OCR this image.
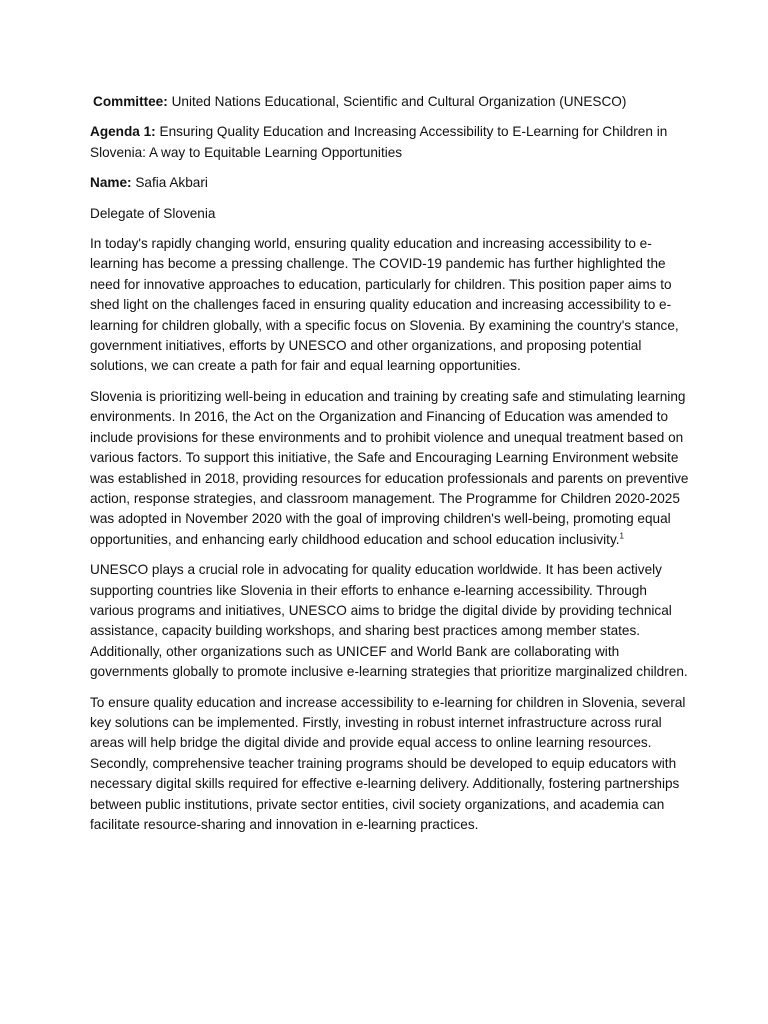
Committee: United Nations Educational, Scientific and Cultural Organization (UNESCO)

Agenda 1: Ensuring Quality Education and Increasing Accessibility to E-Learning for Children in Slovenia: A way to Equitable Learning Opportunities

Name: Safia Akbari

Delegate of Slovenia

In today's rapidly changing world, ensuring quality education and increasing accessibility to e-learning has become a pressing challenge. The COVID-19 pandemic has further highlighted the need for innovative approaches to education, particularly for children. This position paper aims to shed light on the challenges faced in ensuring quality education and increasing accessibility to e-learning for children globally, with a specific focus on Slovenia. By examining the country's stance, government initiatives, efforts by UNESCO and other organizations, and proposing potential solutions, we can create a path for fair and equal learning opportunities.

Slovenia is prioritizing well-being in education and training by creating safe and stimulating learning environments. In 2016, the Act on the Organization and Financing of Education was amended to include provisions for these environments and to prohibit violence and unequal treatment based on various factors. To support this initiative, the Safe and Encouraging Learning Environment website was established in 2018, providing resources for education professionals and parents on preventive action, response strategies, and classroom management. The Programme for Children 2020-2025 was adopted in November 2020 with the goal of improving children's well-being, promoting equal opportunities, and enhancing early childhood education and school education inclusivity.$^1$

UNESCO plays a crucial role in advocating for quality education worldwide. It has been actively supporting countries like Slovenia in their efforts to enhance e-learning accessibility. Through various programs and initiatives, UNESCO aims to bridge the digital divide by providing technical assistance, capacity building workshops, and sharing best practices among member states. Additionally, other organizations such as UNICEF and World Bank are collaborating with governments globally to promote inclusive e-learning strategies that prioritize marginalized children.

To ensure quality education and increase accessibility to e-learning for children in Slovenia, several key solutions can be implemented. Firstly, investing in robust internet infrastructure across rural areas will help bridge the digital divide and provide equal access to online learning resources. Secondly, comprehensive teacher training programs should be developed to equip educators with necessary digital skills required for effective e-learning delivery. Additionally, fostering partnerships between public institutions, private sector entities, civil society organizations, and academia can facilitate resource-sharing and innovation in e-learning practices.
